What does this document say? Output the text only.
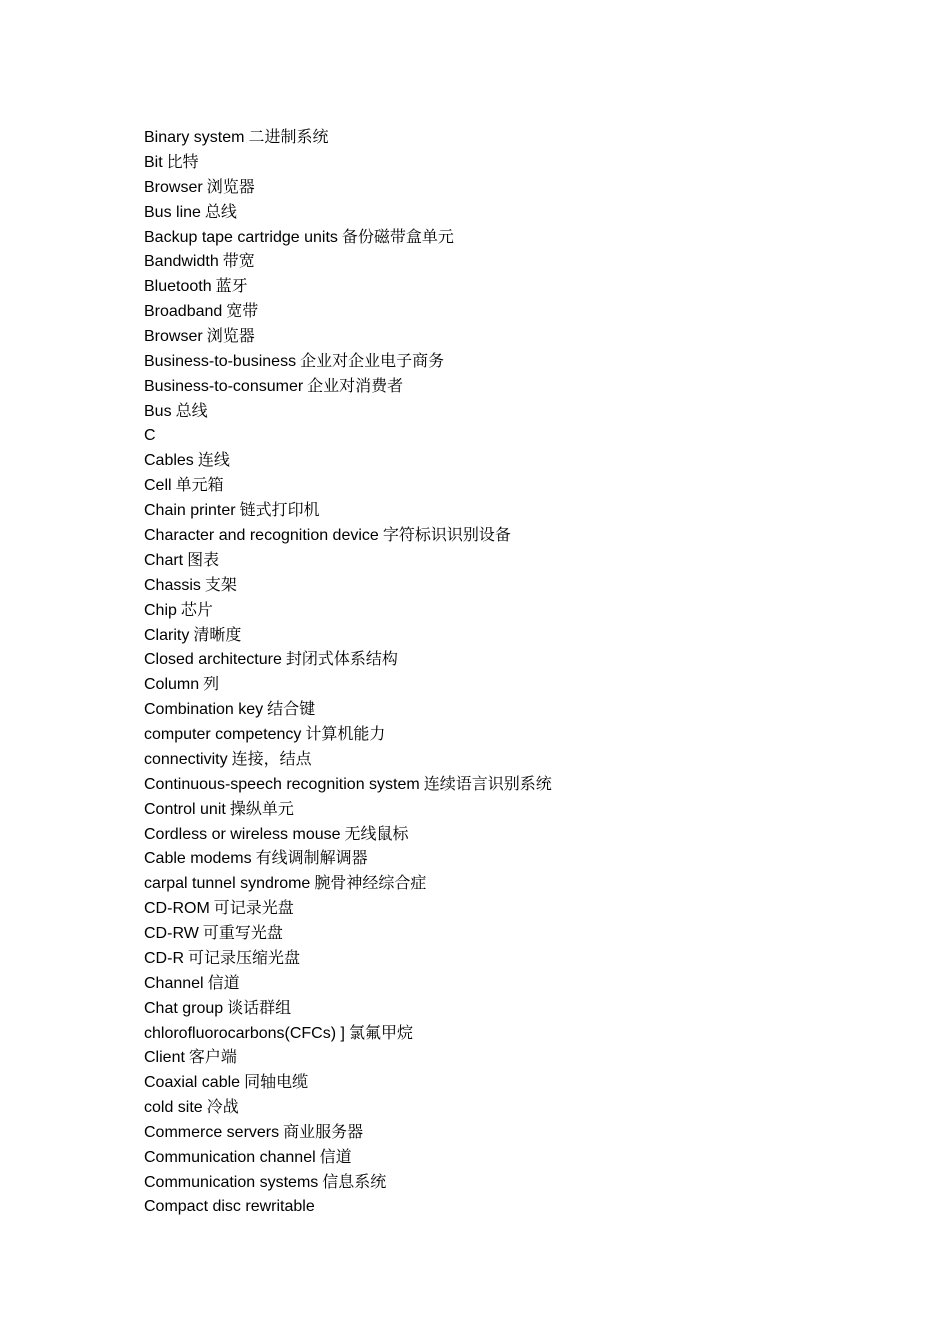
Binary system 二进制系统
Bit 比特
Browser 浏览器
Bus line 总线
Backup tape cartridge units 备份磁带盒单元
Bandwidth 带宽
Bluetooth 蓝牙
Broadband 宽带
Browser 浏览器
Business-to-business 企业对企业电子商务
Business-to-consumer 企业对消费者
Bus 总线
C
Cables 连线
Cell 单元箱
Chain printer 链式打印机
Character and recognition device 字符标识识别设备
Chart 图表
Chassis 支架
Chip 芯片
Clarity 清晰度
Closed architecture 封闭式体系结构
Column 列
Combination key 结合键
computer competency 计算机能力
connectivity 连接，结点
Continuous-speech recognition system 连续语言识别系统
Control unit 操纵单元
Cordless or wireless mouse 无线鼠标
Cable modems 有线调制解调器
carpal tunnel syndrome 腕骨神经综合症
CD-ROM 可记录光盘
CD-RW 可重写光盘
CD-R 可记录压缩光盘
Channel 信道
Chat group 谈话群组
chlorofluorocarbons(CFCs) ] 氯氟甲烷
Client 客户端
Coaxial cable 同轴电缆
cold site 冷战
Commerce servers 商业服务器
Communication channel 信道
Communication systems 信息系统
Compact disc rewritable
